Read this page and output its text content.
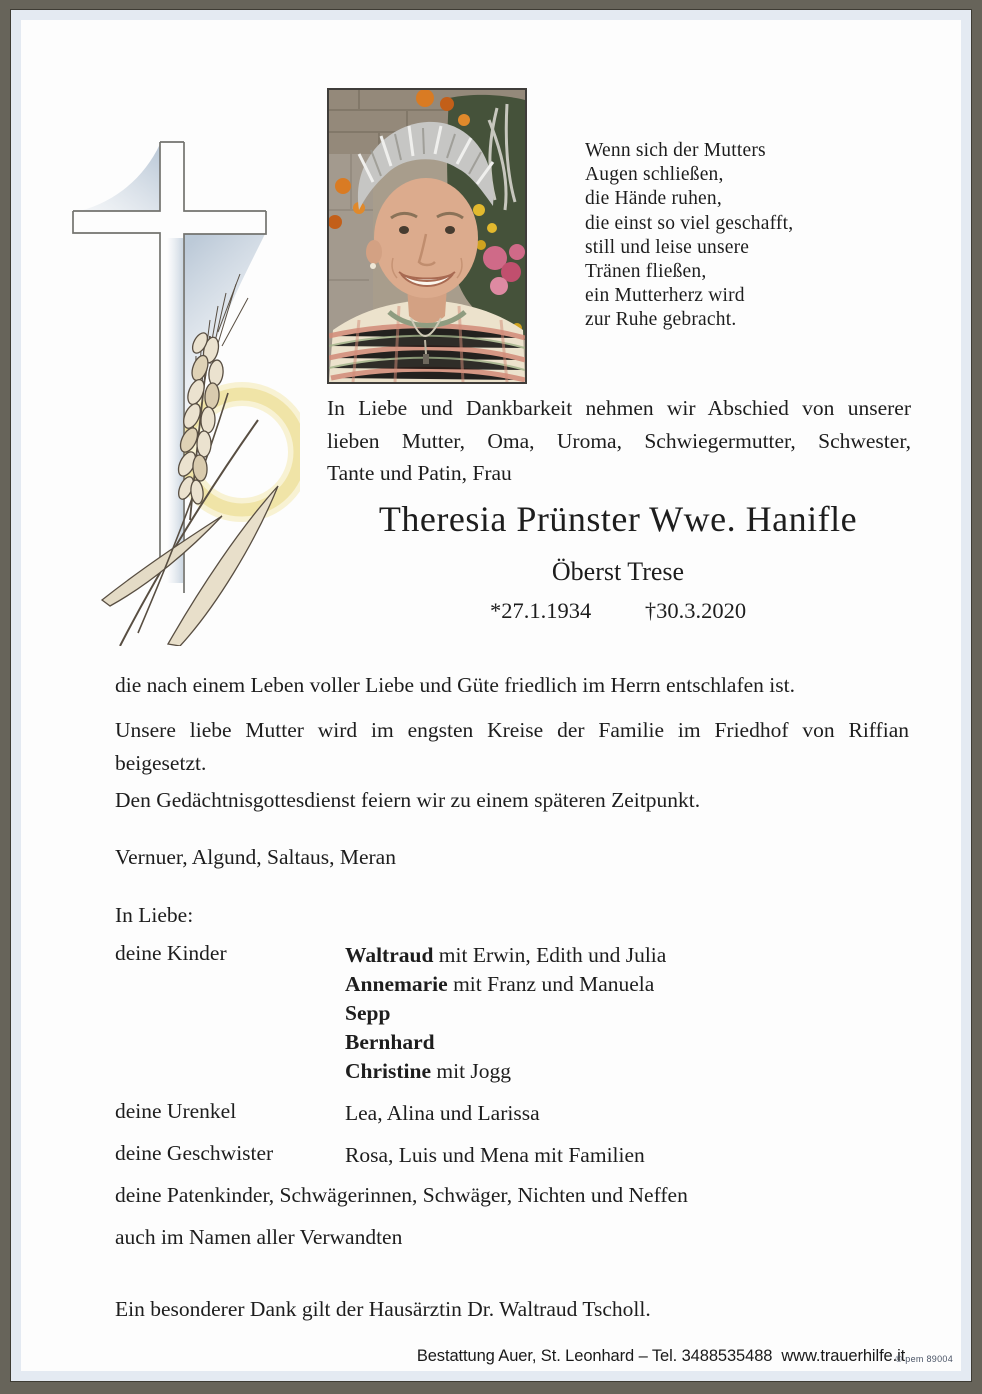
Wenn sich der Mutters
Augen schließen,
die Hände ruhen,
die einst so viel geschafft,
still und leise unsere
Tränen fließen,
ein Mutterherz wird
zur Ruhe gebracht.
In Liebe und Dankbarkeit nehmen wir Abschied von unserer
lieben Mutter, Oma, Uroma, Schwiegermutter, Schwester,
Tante und Patin, Frau
Theresia Prünster Wwe. Hanifle
Öberst Trese
*27.1.1934 †30.3.2020
die nach einem Leben voller Liebe und Güte friedlich im Herrn entschlafen ist.
Unsere liebe Mutter wird im engsten Kreise der Familie im Friedhof von Riffian
beigesetzt.
Den Gedächtnisgottesdienst feiern wir zu einem späteren Zeitpunkt.
Vernuer, Algund, Saltaus, Meran
In Liebe:
deine Kinder	Waltraud mit Erwin, Edith und Julia
Annemarie mit Franz und Manuela
Sepp
Bernhard
Christine mit Jogg
deine Urenkel	Lea, Alina und Larissa
deine Geschwister	Rosa, Luis und Mena mit Familien
deine Patenkinder, Schwägerinnen, Schwäger, Nichten und Neffen
auch im Namen aller Verwandten
Ein besonderer Dank gilt der Hausärztin Dr. Waltraud Tscholl.
Bestattung Auer, St. Leonhard – Tel. 3488535488  www.trauerhilfe.it
© pem 89004
